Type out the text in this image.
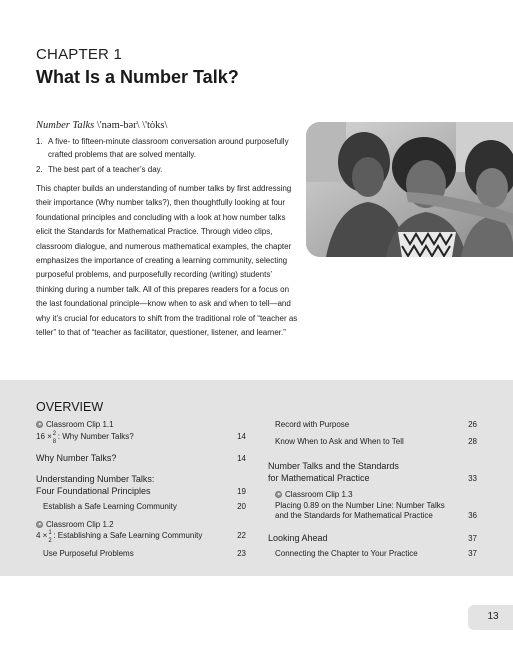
CHAPTER 1
What Is a Number Talk?
Number Talks \'nəm-bər\ \'tȯks\
1. A five- to fifteen-minute classroom conversation around purposefully crafted problems that are solved mentally.
2. The best part of a teacher’s day.

This chapter builds an understanding of number talks by first addressing their importance (Why number talks?), then thoughtfully looking at four foundational principles and concluding with a look at how number talks elicit the Standards for Mathematical Practice. Through video clips, classroom dialogue, and numerous mathematical examples, the chapter emphasizes the importance of creating a learning community, selecting purposeful problems, and purposefully recording (writing) students’ thinking during a number talk. All of this prepares readers for a focus on the last foundational principle—know when to ask and when to tell—and why it’s crucial for educators to shift from the traditional role of “teacher as teller” to that of “teacher as facilitator, questioner, listener, and learner.”

OVERVIEW
Classroom Clip 1.1
16 × 2
8
: Why Number Talks?	14
Why Number Talks?	14
Understanding Number Talks:
Four Foundational Principles	19
Establish a Safe Learning Community	20
Classroom Clip 1.2
4 × 1
2
: Establishing a Safe Learning Community	22
Use Purposeful Problems	23
Record with Purpose	26
Know When to Ask and When to Tell	28
Number Talks and the Standards
for Mathematical Practice	33
Classroom Clip 1.3
Placing 0.89 on the Number Line: Number Talks
and the Standards for Mathematical Practice	36
Looking Ahead	37
Connecting the Chapter to Your Practice	37
13
